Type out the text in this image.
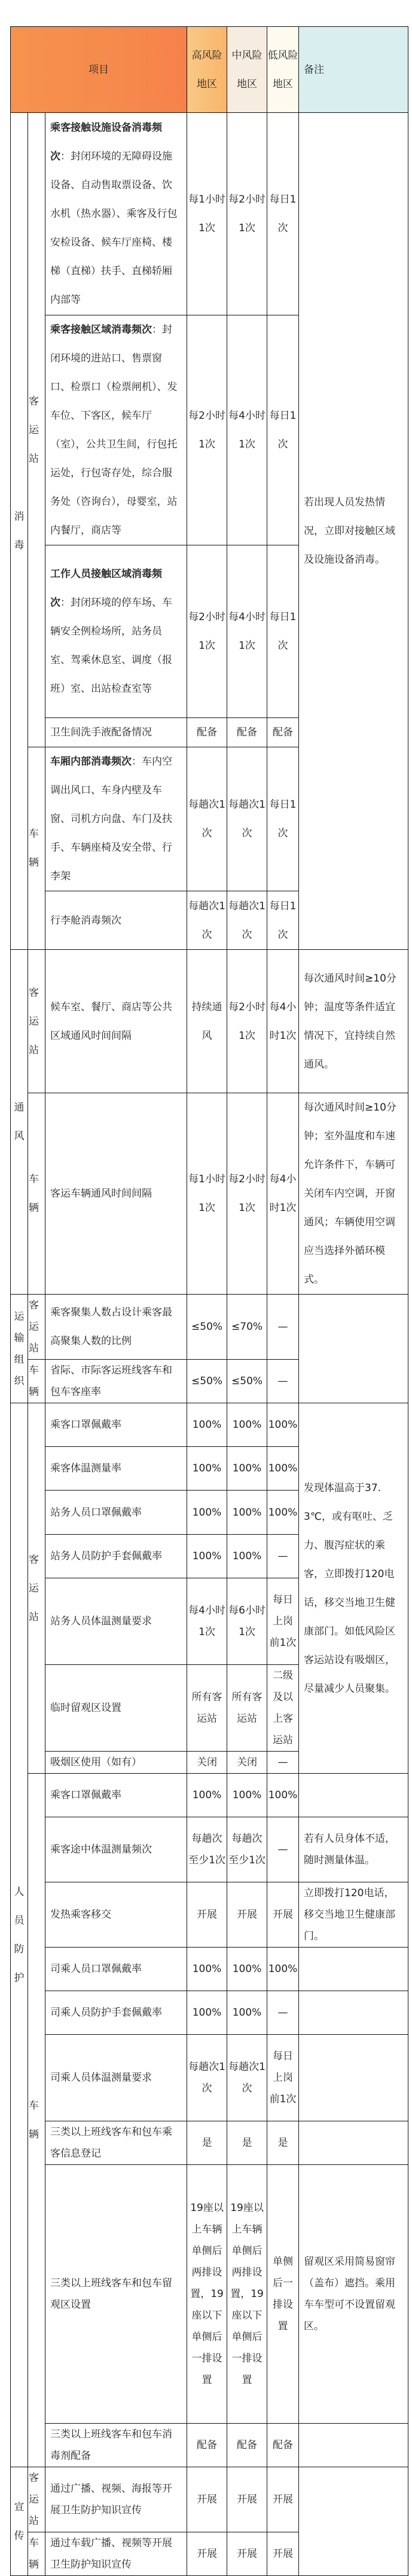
项目			高风险地区	中风险地区	低风险地区	备注
消毒	客运站	乘客接触设施设备消毒频次：封闭环境的无障碍设施设备、自动售取票设备、饮水机（热水器）、乘客及行包安检设备、候车厅座椅、楼梯（直梯）扶手、直梯轿厢内部等	每1小时1次	每2小时1次	每日1次	若出现人员发热情况，立即对接触区域及设施设备消毒。
		乘客接触区域消毒频次：封闭环境的进站口、售票窗口、检票口（检票闸机）、发车位、下客区，候车厅（室），公共卫生间，行包托运处，行包寄存处，综合服务处（咨询台），母婴室，站内餐厅，商店等	每2小时1次	每4小时1次	每日1次	
		工作人员接触区域消毒频次：封闭环境的停车场、车辆安全例检场所，站务员室、驾乘休息室、调度（报班）室、出站检查室等	每2小时1次	每4小时1次	每日1次	
		卫生间洗手液配备情况	配备	配备	配备	
	车辆	车厢内部消毒频次：车内空调出风口、车身内壁及车窗、司机方向盘、车门及扶手、车辆座椅及安全带、行李架	每趟次1次	每趟次1次	每日1次	
		行李舱消毒频次	每趟次1次	每趟次1次	每日1次	
通风	客运站	候车室、餐厅、商店等公共区域通风时间间隔	持续通风	每2小时1次	每4小时1次	每次通风时间≥10分钟；温度等条件适宜情况下，宜持续自然通风。
	车辆	客运车辆通风时间间隔	每1小时1次	每2小时1次	每4小时1次	每次通风时间≥10分钟；室外温度和车速允许条件下，车辆可关闭车内空调，开窗通风；车辆使用空调应当选择外循环模式。
运输组织	客运站	乘客聚集人数占设计乘客最高聚集人数的比例	≤50%	≤70%	—	
	车辆	省际、市际客运班线客车和包车客座率	≤50%	≤50%	—	
人员防护	客运站	乘客口罩佩戴率	100%	100%	100%	发现体温高于37.3℃，或有呕吐、乏力、腹泻症状的乘客，立即拨打120电话，移交当地卫生健康部门。如低风险区客运站设有吸烟区，尽量减少人员聚集。
		乘客体温测量率	100%	100%	100%	
		站务人员口罩佩戴率	100%	100%	100%	
		站务人员防护手套佩戴率	100%	100%	—	
		站务人员体温测量要求	每4小时1次	每6小时1次	每日上岗前1次	
		临时留观区设置	所有客运站	所有客运站	二级及以上客运站	
		吸烟区使用（如有）	关闭	关闭	—	
	车辆	乘客口罩佩戴率	100%	100%	100%	
		乘客途中体温测量频次	每趟次至少1次	每趟次至少1次	—	若有人员身体不适，随时测量体温。
		发热乘客移交	开展	开展	开展	立即拨打120电话，移交当地卫生健康部门。
		司乘人员口罩佩戴率	100%	100%	100%	
		司乘人员防护手套佩戴率	100%	100%	—	
		司乘人员体温测量要求	每趟次1次	每趟次1次	每日上岗前1次	
		三类以上班线客车和包车乘客信息登记	是	是	是	
		三类以上班线客车和包车留观区设置	19座以上车辆单侧后两排设置，19座以下单侧后一排设置	19座以上车辆单侧后两排设置，19座以下单侧后一排设置	单侧后一排设置	留观区采用简易窗帘（盖布）遮挡。乘用车车型可不设置留观区。
		三类以上班线客车和包车消毒剂配备	配备	配备	配备	
宣传	客运站	通过广播、视频、海报等开展卫生防护知识宣传	开展	开展	开展	
	车辆	通过车载广播、视频等开展卫生防护知识宣传	开展	开展	开展	
